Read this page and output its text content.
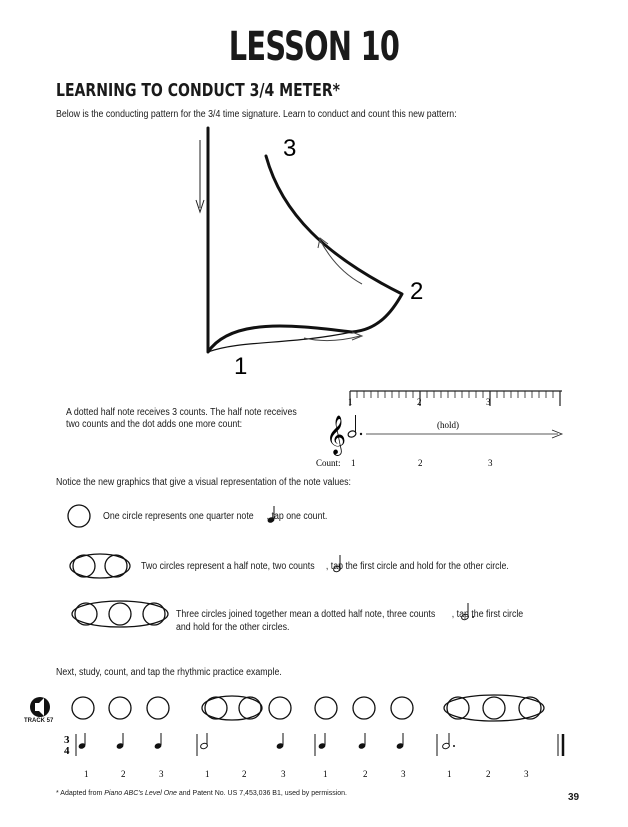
LESSON 10
LEARNING TO CONDUCT 3/4 METER*
Below is the conducting pattern for the 3/4 time signature. Learn to conduct and count this new pattern:
3
2
1
A dotted half note receives 3 counts. The half note receives two counts and the dot adds one more count:
1	2	3
𝄞	(hold)
Count: 1	2	3
Notice the new graphics that give a visual representation of the note values:
One circle represents one quarter note , tap one count.
Two circles represent a half note, two counts , tap the first circle and hold for the other circle.
Three circles joined together mean a dotted half note, three counts , tap the first circle
and hold for the other circles.
Next, study, count, and tap the rhythmic practice example.
3
4
1	2	3	1	2	3	1	2	3	1	2	3
TRACK 57
* Adapted from Piano ABC's Level One and Patent No. US 7,453,036 B1, used by permission.	39
